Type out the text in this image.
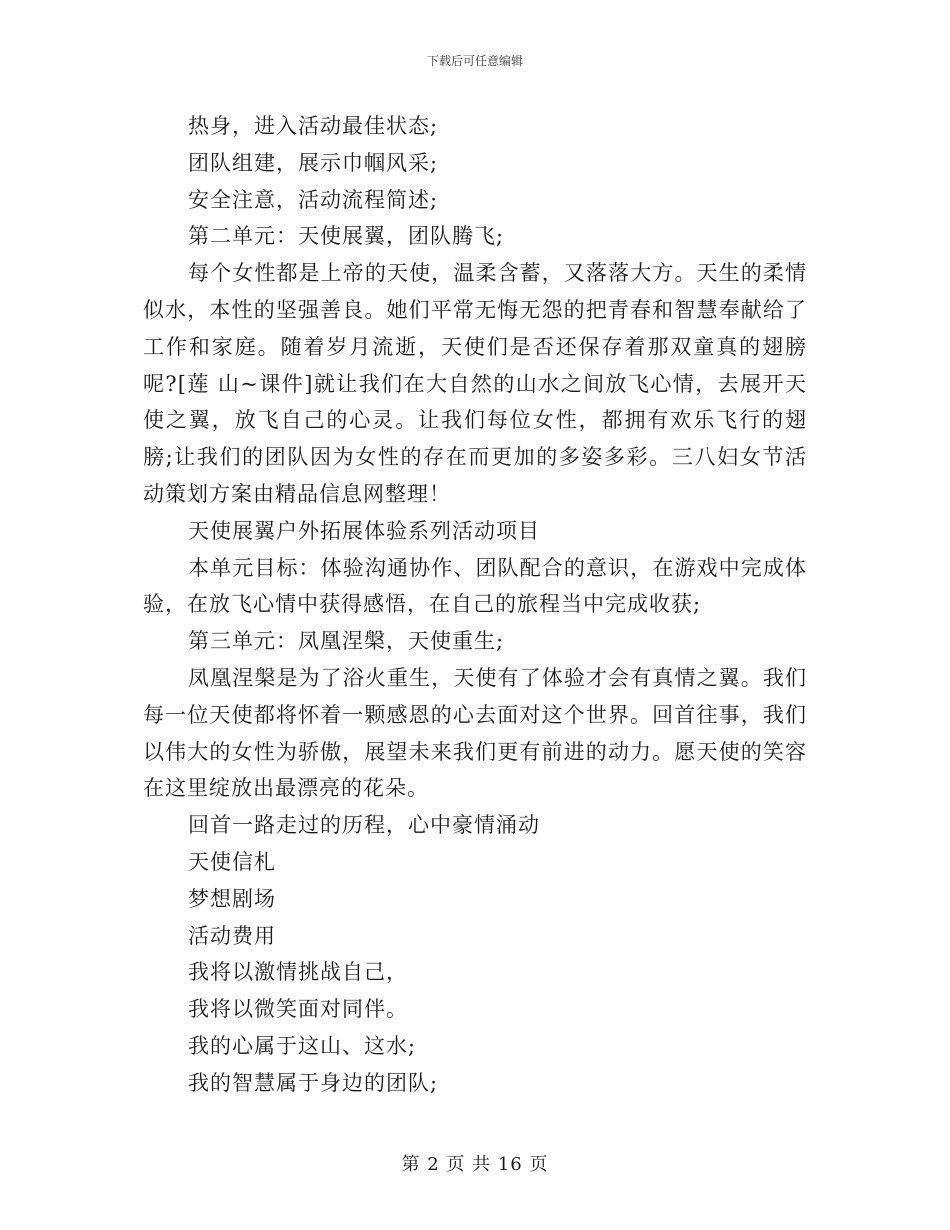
下载后可任意编辑

热身，进入活动最佳状态;

团队组建，展示巾帼风采;

安全注意，活动流程简述;

第二单元：天使展翼，团队腾飞;

每个女性都是上帝的天使，温柔含蓄，又落落大方。天生的柔情似水，本性的坚强善良。她们平常无悔无怨的把青春和智慧奉献给了工作和家庭。随着岁月流逝，天使们是否还保存着那双童真的翅膀呢?[莲 山~课件]就让我们在大自然的山水之间放飞心情，去展开天使之翼，放飞自己的心灵。让我们每位女性，都拥有欢乐飞行的翅膀;让我们的团队因为女性的存在而更加的多姿多彩。三八妇女节活动策划方案由精品信息网整理！

天使展翼户外拓展体验系列活动项目

本单元目标：体验沟通协作、团队配合的意识，在游戏中完成体验，在放飞心情中获得感悟，在自己的旅程当中完成收获;

第三单元：凤凰涅槃，天使重生;

凤凰涅槃是为了浴火重生，天使有了体验才会有真情之翼。我们每一位天使都将怀着一颗感恩的心去面对这个世界。回首往事，我们以伟大的女性为骄傲，展望未来我们更有前进的动力。愿天使的笑容在这里绽放出最漂亮的花朵。

回首一路走过的历程，心中豪情涌动

天使信札

梦想剧场

活动费用

我将以激情挑战自己，

我将以微笑面对同伴。

我的心属于这山、这水;

我的智慧属于身边的团队;

第 2 页 共 16 页
